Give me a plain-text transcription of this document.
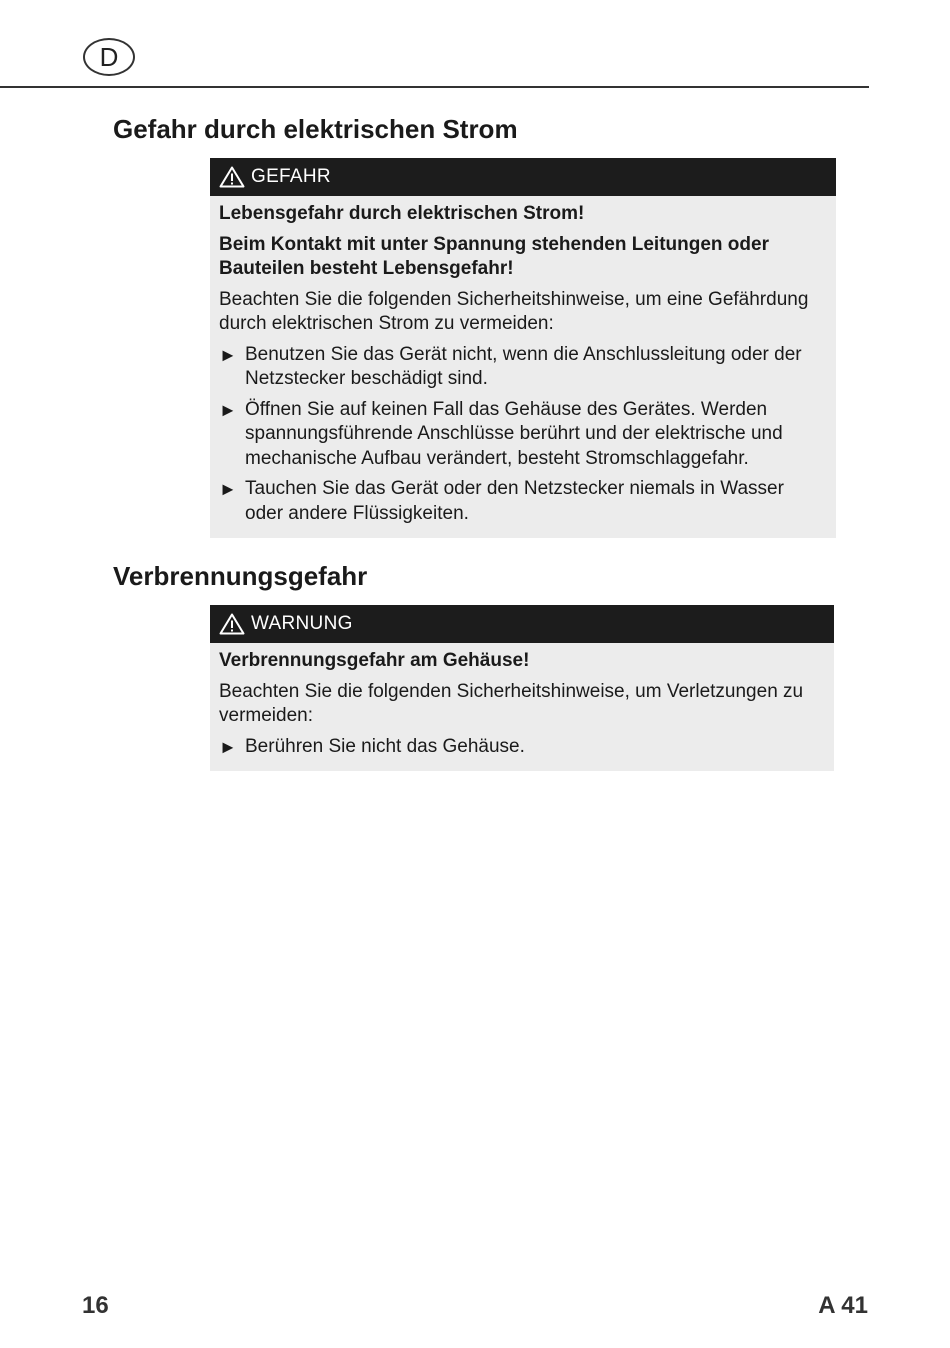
D
Gefahr durch elektrischen Strom
GEFAHR

Lebensgefahr durch elektrischen Strom!

Beim Kontakt mit unter Spannung stehenden Leitungen oder Bauteilen besteht Lebensgefahr!

Beachten Sie die folgenden Sicherheitshinweise, um eine Gefährdung durch elektrischen Strom zu vermeiden:

► Benutzen Sie das Gerät nicht, wenn die Anschlussleitung oder der Netzstecker beschädigt sind.
► Öffnen Sie auf keinen Fall das Gehäuse des Gerätes. Werden spannungsführende Anschlüsse berührt und der elektrische und mechanische Aufbau verändert, besteht Stromschlaggefahr.
► Tauchen Sie das Gerät oder den Netzstecker niemals in Wasser oder andere Flüssigkeiten.
Verbrennungsgefahr
WARNUNG

Verbrennungsgefahr am Gehäuse!

Beachten Sie die folgenden Sicherheitshinweise, um Verletzungen zu vermeiden:

► Berühren Sie nicht das Gehäuse.
16	A 41
